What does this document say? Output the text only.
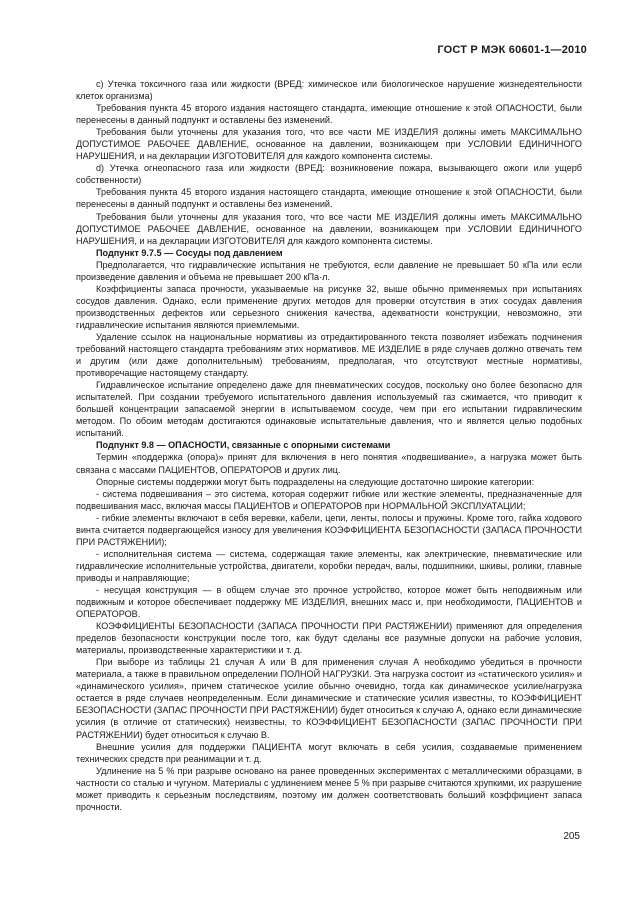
ГОСТ Р МЭК 60601-1—2010

с) Утечка токсичного газа или жидкости (ВРЕД: химическое или биологическое нарушение жизнедеятельности клеток организма)

Требования пункта 45 второго издания настоящего стандарта, имеющие отношение к этой ОПАСНОСТИ, были перенесены в данный подпункт и оставлены без изменений.

Требования были уточнены для указания того, что все части МЕ ИЗДЕЛИЯ должны иметь МАКСИМАЛЬНО ДОПУСТИМОЕ РАБОЧЕЕ ДАВЛЕНИЕ, основанное на давлении, возникающем при УСЛОВИИ ЕДИНИЧНОГО НАРУШЕНИЯ, и на декларации ИЗГОТОВИТЕЛЯ для каждого компонента системы.

d) Утечка огнеопасного газа или жидкости (ВРЕД: возникновение пожара, вызывающего ожоги или ущерб собственности)

Требования пункта 45 второго издания настоящего стандарта, имеющие отношение к этой ОПАСНОСТИ, были перенесены в данный подпункт и оставлены без изменений.

Требования были уточнены для указания того, что все части МЕ ИЗДЕЛИЯ должны иметь МАКСИМАЛЬНО ДОПУСТИМОЕ РАБОЧЕЕ ДАВЛЕНИЕ, основанное на давлении, возникающем при УСЛОВИИ ЕДИНИЧНОГО НАРУШЕНИЯ, и на декларации ИЗГОТОВИТЕЛЯ для каждого компонента системы.

Подпункт 9.7.5 — Сосуды под давлением

Предполагается, что гидравлические испытания не требуются, если давление не превышает 50 кПа или если произведение давления и объема не превышает 200 кПа·л.

Коэффициенты запаса прочности, указываемые на рисунке 32, выше обычно применяемых при испытаниях сосудов давления. Однако, если применение других методов для проверки отсутствия в этих сосудах давления производственных дефектов или серьезного снижения качества, адекватности конструкции, невозможно, эти гидравлические испытания являются приемлемыми.

Удаление ссылок на национальные нормативы из отредактированного текста позволяет избежать подчинения требований настоящего стандарта требованиям этих нормативов. МЕ ИЗДЕЛИЕ в ряде случаев должно отвечать тем и другим (или даже дополнительным) требованиям, предполагая, что отсутствуют местные нормативы, противоречащие настоящему стандарту.

Гидравлическое испытание определено даже для пневматических сосудов, поскольку оно более безопасно для испытателей. При создании требуемого испытательного давления используемый газ сжимается, что приводит к большей концентрации запасаемой энергии в испытываемом сосуде, чем при его испытании гидравлическим методом. По обоим методам достигаются одинаковые испытательные давления, что и является целью подобных испытаний.

Подпункт 9.8 — ОПАСНОСТИ, связанные с опорными системами

Термин «поддержка (опора)» принят для включения в него понятия «подвешивание», а нагрузка может быть связана с массами ПАЦИЕНТОВ, ОПЕРАТОРОВ и других лиц.

Опорные системы поддержки могут быть подразделены на следующие достаточно широкие категории:

- система подвешивания – это система, которая содержит гибкие или жесткие элементы, предназначенные для подвешивания масс, включая массы ПАЦИЕНТОВ и ОПЕРАТОРОВ при НОРМАЛЬНОЙ ЭКСПЛУАТАЦИИ;

- гибкие элементы включают в себя веревки, кабели, цепи, ленты, полосы и пружины. Кроме того, гайка ходового винта считается подвергающейся износу для увеличения КОЭФФИЦИЕНТА БЕЗОПАСНОСТИ (ЗАПАСА ПРОЧНОСТИ ПРИ РАСТЯЖЕНИИ);

- исполнительная система — система, содержащая такие элементы, как электрические, пневматические или гидравлические исполнительные устройства, двигатели, коробки передач, валы, подшипники, шкивы, ролики, главные приводы и направляющие;

- несущая конструкция — в общем случае это прочное устройство, которое может быть неподвижным или подвижным и которое обеспечивает поддержку МЕ ИЗДЕЛИЯ, внешних масс и, при необходимости, ПАЦИЕНТОВ и ОПЕРАТОРОВ.

КОЭФФИЦИЕНТЫ БЕЗОПАСНОСТИ (ЗАПАСА ПРОЧНОСТИ ПРИ РАСТЯЖЕНИИ) применяют для определения пределов безопасности конструкции после того, как будут сделаны все разумные допуски на рабочие условия, материалы, производственные характеристики и т. д.

При выборе из таблицы 21 случая А или В для применения случая А необходимо убедиться в прочности материала, а также в правильном определении ПОЛНОЙ НАГРУЗКИ. Эта нагрузка состоит из «статического усилия» и «динамического усилия», причем статическое усилие обычно очевидно, тогда как динамическое усилие/нагрузка остается в ряде случаев неопределенным. Если динамические и статические усилия известны, то КОЭФФИЦИЕНТ БЕЗОПАСНОСТИ (ЗАПАС ПРОЧНОСТИ ПРИ РАСТЯЖЕНИИ) будет относиться к случаю А, однако если динамические усилия (в отличие от статических) неизвестны, то КОЭФФИЦИЕНТ БЕЗОПАСНОСТИ (ЗАПАС ПРОЧНОСТИ ПРИ РАСТЯЖЕНИИ) будет относиться к случаю В.

Внешние усилия для поддержки ПАЦИЕНТА могут включать в себя усилия, создаваемые применением технических средств при реанимации и т. д.

Удлинение на 5 % при разрыве основано на ранее проведенных экспериментах с металлическими образцами, в частности со сталью и чугуном. Материалы с удлинением менее 5 % при разрыве считаются хрупкими, их разрушение может приводить к серьезным последствиям, поэтому им должен соответствовать больший коэффициент запаса прочности.

205
